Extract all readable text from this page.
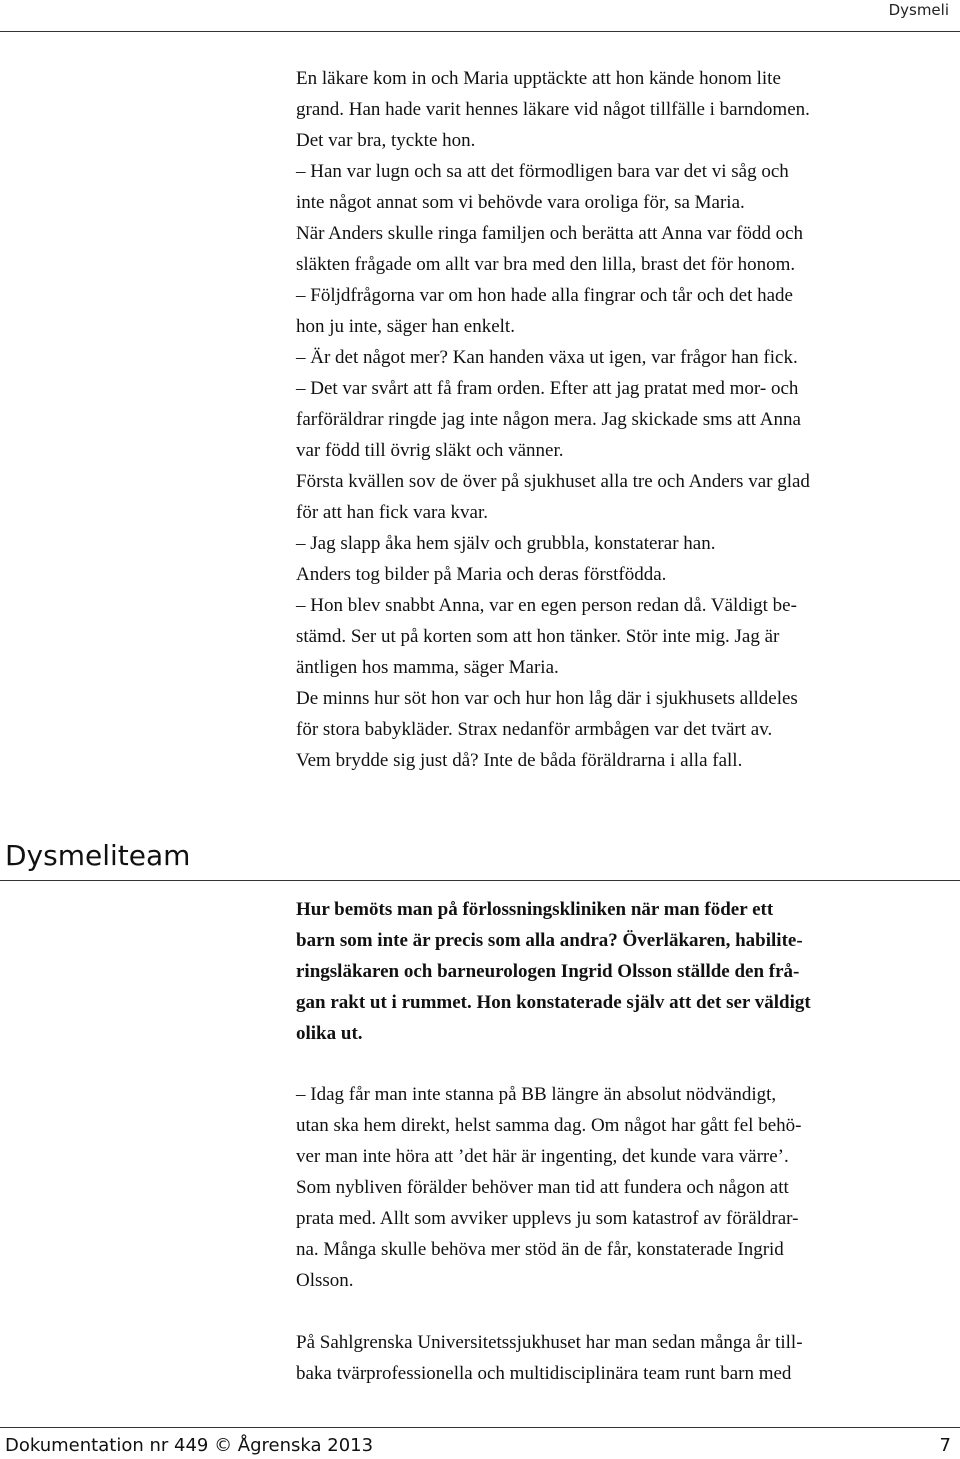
Dysmeli

En läkare kom in och Maria upptäckte att hon kände honom lite

grand. Han hade varit hennes läkare vid något tillfälle i barndomen.

Det var bra, tyckte hon.

– Han var lugn och sa att det förmodligen bara var det vi såg och

inte något annat som vi behövde vara oroliga för, sa Maria.

När Anders skulle ringa familjen och berätta att Anna var född och

släkten frågade om allt var bra med den lilla, brast det för honom.

– Följdfrågorna var om hon hade alla fingrar och tår och det hade

hon ju inte, säger han enkelt.

– Är det något mer? Kan handen växa ut igen, var frågor han fick.

– Det var svårt att få fram orden. Efter att jag pratat med mor- och

farföräldrar ringde jag inte någon mera. Jag skickade sms att Anna

var född till övrig släkt och vänner.

Första kvällen sov de över på sjukhuset alla tre och Anders var glad

för att han fick vara kvar.

– Jag slapp åka hem själv och grubbla, konstaterar han.

Anders tog bilder på Maria och deras förstfödda.

– Hon blev snabbt Anna, var en egen person redan då. Väldigt be-

stämd. Ser ut på korten som att hon tänker. Stör inte mig. Jag är

äntligen hos mamma, säger Maria.

De minns hur söt hon var och hur hon låg där i sjukhusets alldeles

för stora babykläder. Strax nedanför armbågen var det tvärt av.

Vem brydde sig just då? Inte de båda föräldrarna i alla fall.

Dysmeliteam

Hur bemöts man på förlossningskliniken när man föder ett

barn som inte är precis som alla andra? Överläkaren, habilite-

ringsläkaren och barneurologen Ingrid Olsson ställde den frå-

gan rakt ut i rummet. Hon konstaterade själv att det ser väldigt

olika ut.

– Idag får man inte stanna på BB längre än absolut nödvändigt,

utan ska hem direkt, helst samma dag. Om något har gått fel behö-

ver man inte höra att ’det här är ingenting, det kunde vara värre’.

Som nybliven förälder behöver man tid att fundera och någon att

prata med. Allt som avviker upplevs ju som katastrof av föräldrar-

na. Många skulle behöva mer stöd än de får, konstaterade Ingrid

Olsson.

På Sahlgrenska Universitetssjukhuset har man sedan många år till-

baka tvärprofessionella och multidisciplinära team runt barn med

Dokumentation nr 449 © Ågrenska 2013	7
